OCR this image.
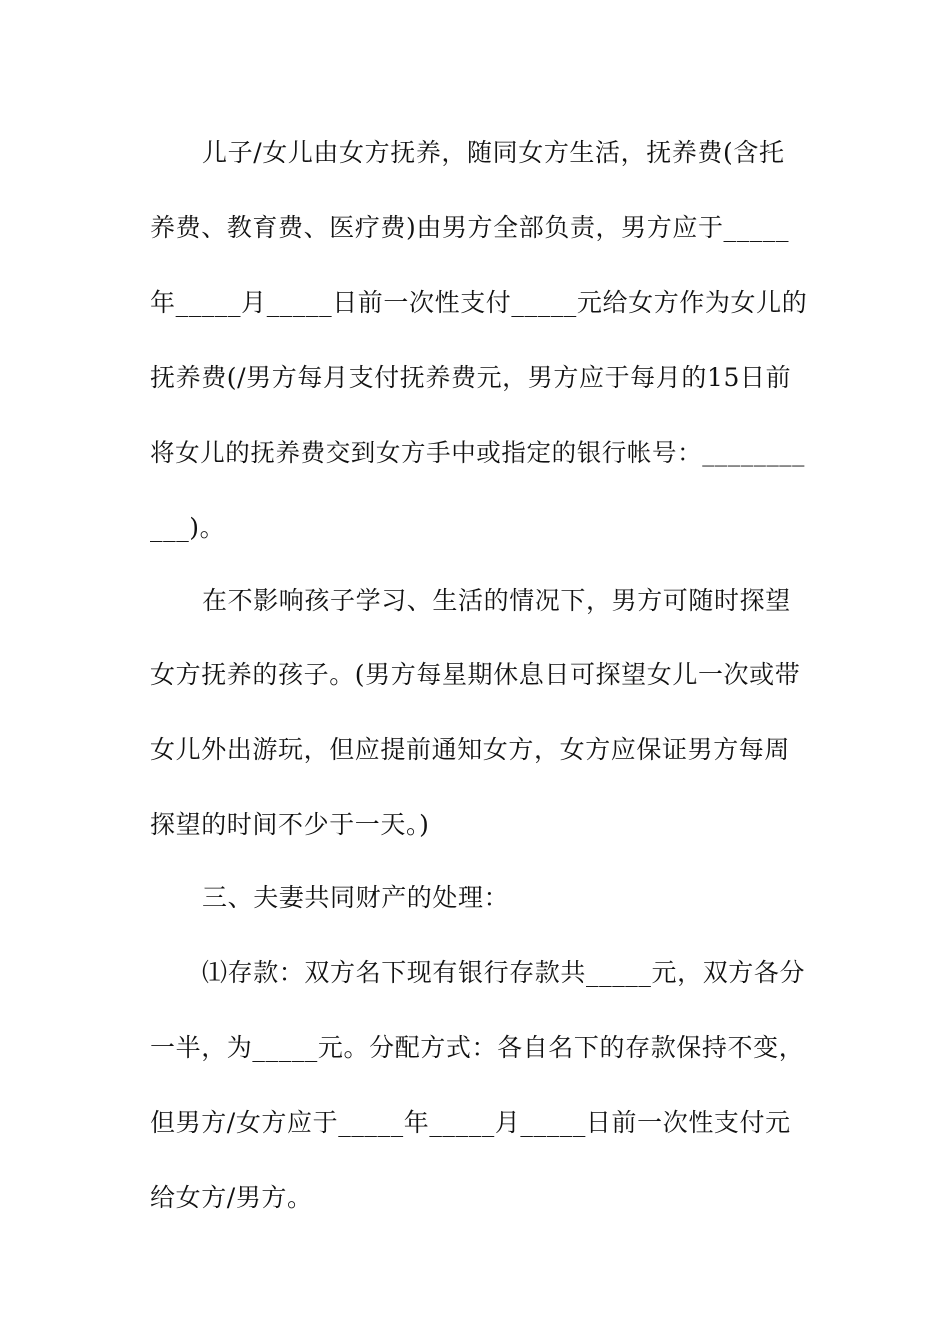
儿子/女儿由女方抚养，随同女方生活，抚养费(含托
养费、教育费、医疗费)由男方全部负责，男方应于_____
年_____月_____日前一次性支付_____元给女方作为女儿的
抚养费(/男方每月支付抚养费元，男方应于每月的15日前
将女儿的抚养费交到女方手中或指定的银行帐号：________
___)。
在不影响孩子学习、生活的情况下，男方可随时探望
女方抚养的孩子。(男方每星期休息日可探望女儿一次或带
女儿外出游玩，但应提前通知女方，女方应保证男方每周
探望的时间不少于一天。)
三、夫妻共同财产的处理：
⑴存款：双方名下现有银行存款共_____元，双方各分
一半，为_____元。分配方式：各自名下的存款保持不变，
但男方/女方应于_____年_____月_____日前一次性支付元
给女方/男方。
